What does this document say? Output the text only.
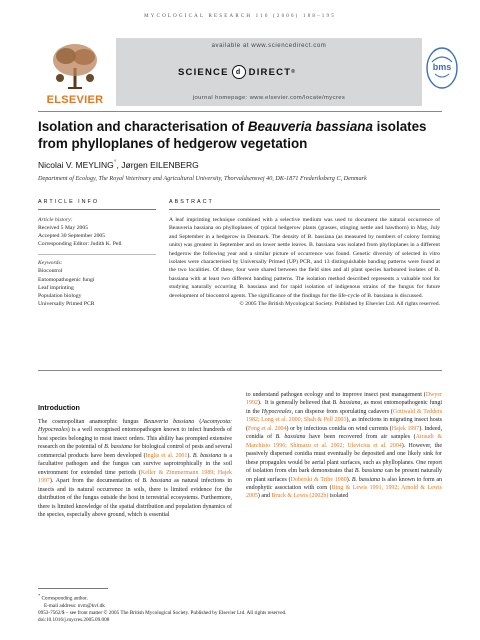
MYCOLOGICAL RESEARCH 110 (2006) 188–195
ELSEVIER
available at www.sciencedirect.com
SCIENCE d DIRECT ®
journal homepage: www.elsevier.com/locate/mycres
bms
Isolation and characterisation of Beauveria bassiana isolates
from phylloplanes of hedgerow vegetation
Nicolai V. MEYLING*, Jørgen EILENBERG
Department of Ecology, The Royal Veterinary and Agricultural University, Thorvaldsensvej 40, DK-1871 Frederiksberg C, Denmark
ARTICLE INFO
Article history:
Received 5 May 2005
Accepted 30 September 2005
Corresponding Editor: Judith K. Pell
Keywords:
Biocontrol
Entomopathogenic fungi
Leaf imprinting
Population biology
Universally Primed PCR
ABSTRACT
A leaf imprinting technique combined with a selective medium was used to document the natural occurrence of Beauveria bassiana on phylloplanes of typical hedgerow plants (grasses, stinging nettle and hawthorn) in May, July and September in a hedgerow in Denmark. The density of B. bassiana (as measured by numbers of colony forming units) was greatest in September and on lower nettle leaves. B. bassiana was isolated from phylloplanes in a different hedgerow the following year and a similar picture of occurrence was found. Genetic diversity of selected in vitro isolates were characterised by Universally Primed (UP) PCR, and 13 distinguishable banding patterns were found at the two localities. Of these, four were shared between the field sites and all plant species harboured isolates of B. bassiana with at least two different banding patterns. The isolation method described represents a valuable tool for studying naturally occurring B. bassiana and for rapid isolation of indigenous strains of the fungus for future development of biocontrol agents. The significance of the findings for the life-cycle of B. bassiana is discussed.
© 2005 The British Mycological Society. Published by Elsevier Ltd. All rights reserved.
Introduction
The cosmopolitan anamorphic fungus Beauveria bassiana (Ascomycota: Hypocreales) is a well recognised entomopathogen known to infect hundreds of host species belonging to most insect orders. This ability has prompted extensive research on the potential of B. bassiana for biological control of pests and several commercial products have been developed (Inglis et al. 2001). B. bassiana is a facultative pathogen and the fungus can survive saprotrophically in the soil environment for extended time periods (Keller & Zimmermann 1989; Hajek 1997). Apart from the documentation of B. bassiana as natural infections in insects and its natural occurrence in soils, there is limited evidence for the distribution of the fungus outside the host in terrestrial ecosystems. Furthermore, there is limited knowledge of the spatial distribution and population dynamics of the species, especially above ground, which is essential
to understand pathogen ecology and to improve insect pest management (Dwyer 1992).  It is generally believed that B. bassiana, as most entomopathogenic fungi in the Hypocreales, can disperse from sporulating cadavers (Gottwald & Tedders 1982; Long et al. 2000; Shah & Pell 2003), as infections in migrating insect hosts (Feng et al. 2004) or by infectious conidia on wind currents (Hajek 1997). Indeed, conidia of B. bassiana have been recovered from air samples (Airaudi & Marchisio 1996; Shimazu et al. 2002; Ulevicius et al. 2004). However, the passively dispersed conidia must eventually be deposited and one likely sink for these propagules would be aerial plant surfaces, such as phylloplanes. One report of isolation from elm bark demonstrates that B. bassiana can be present naturally on plant surfaces (Doberski & Tribe 1980). B. bassiana is also known to form an endophytic association with corn (Bing & Lewis 1991, 1992; Arnold & Lewis 2005) and Bruck & Lewis (2002b) isolated
* Corresponding author.
E-mail address: nvm@kvl.dk
0953-7562/$ – see front matter © 2005 The British Mycological Society. Published by Elsevier Ltd. All rights reserved.
doi:10.1016/j.mycres.2005.09.008
